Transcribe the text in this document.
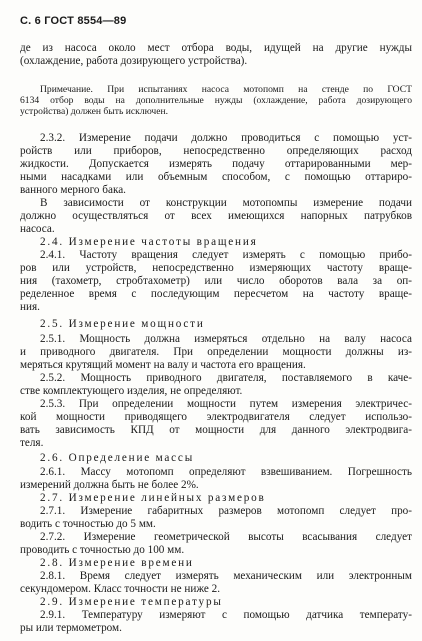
С. 6 ГОСТ 8554—89
де из насоса около мест отбора воды, идущей на другие нужды
(охлаждение, работа дозирующего устройства).
Примечание. При испытаниях насоса мотопомп на стенде по ГОСТ
6134 отбор воды на дополнительные нужды (охлаждение, работа дозирующего
устройства) должен быть исключен.
2.3.2. Измерение подачи должно проводиться с помощью уст-
ройств или приборов, непосредственно определяющих расход
жидкости. Допускается измерять подачу оттарированными мер-
ными насадками или объемным способом, с помощью оттариро-
ванного мерного бака.
В зависимости от конструкции мотопомпы измерение подачи
должно осуществляться от всех имеющихся напорных патрубков
насоса.
2.4. Измерение частоты вращения
2.4.1. Частоту вращения следует измерять с помощью прибо-
ров или устройств, непосредственно измеряющих частоту враще-
ния (тахометр, стробтахометр) или число оборотов вала за оп-
ределенное время с последующим пересчетом на частоту враще-
ния.
2.5. Измерение мощности
2.5.1. Мощность должна измеряться отдельно на валу насоса
и приводного двигателя. При определении мощности должны из-
меряться крутящий момент на валу и частота его вращения.
2.5.2. Мощность приводного двигателя, поставляемого в каче-
стве комплектующего изделия, не определяют.
2.5.3. При определении мощности путем измерения электричес-
кой мощности приводящего электродвигателя следует использо-
вать зависимость КПД от мощности для данного электродвига-
теля.
2.6. Определение массы
2.6.1. Массу мотопомп определяют взвешиванием. Погрешность
измерений должна быть не более 2%.
2.7. Измерение линейных размеров
2.7.1. Измерение габаритных размеров мотопомп следует про-
водить с точностью до 5 мм.
2.7.2. Измерение геометрической высоты всасывания следует
проводить с точностью до 100 мм.
2.8. Измерение времени
2.8.1. Время следует измерять механическим или электронным
секундомером. Класс точности не ниже 2.
2.9. Измерение температуры
2.9.1. Температуру измеряют с помощью датчика температу-
ры или термометром.
